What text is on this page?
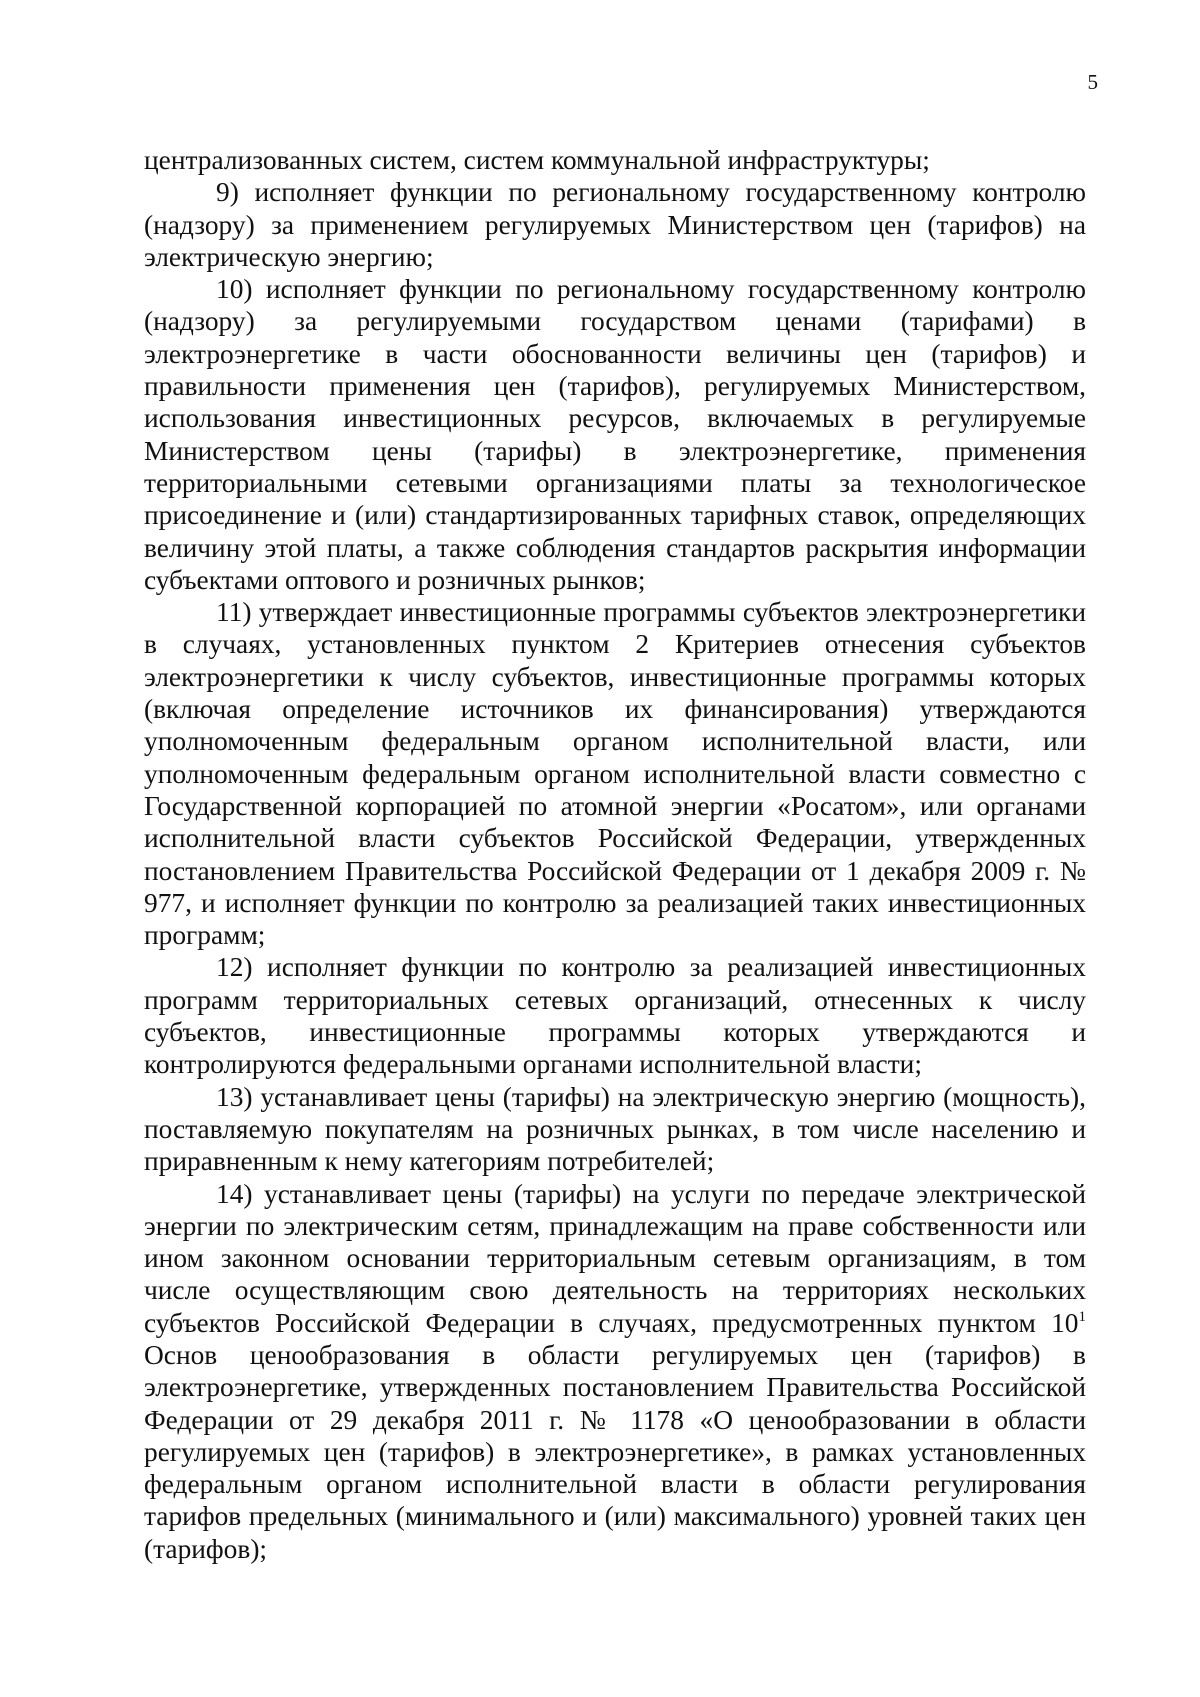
5

централизованных систем, систем коммунальной инфраструктуры;

9) исполняет функции по региональному государственному контролю (надзору) за применением регулируемых Министерством цен (тарифов) на электрическую энергию;

10) исполняет функции по региональному государственному контролю (надзору) за регулируемыми государством ценами (тарифами) в электроэнергетике в части обоснованности величины цен (тарифов) и правильности применения цен (тарифов), регулируемых Министерством, использования инвестиционных ресурсов, включаемых в регулируемые Министерством цены (тарифы) в электроэнергетике, применения территориальными сетевыми организациями платы за технологическое присоединение и (или) стандартизированных тарифных ставок, определяющих величину этой платы, а также соблюдения стандартов раскрытия информации субъектами оптового и розничных рынков;

11) утверждает инвестиционные программы субъектов электроэнергетики в случаях, установленных пунктом 2 Критериев отнесения субъектов электроэнергетики к числу субъектов, инвестиционные программы которых (включая определение источников их финансирования) утверждаются уполномоченным федеральным органом исполнительной власти, или уполномоченным федеральным органом исполнительной власти совместно с Государственной корпорацией по атомной энергии «Росатом», или органами исполнительной власти субъектов Российской Федерации, утвержденных постановлением Правительства Российской Федерации от 1 декабря 2009 г. № 977, и исполняет функции по контролю за реализацией таких инвестиционных программ;

12) исполняет функции по контролю за реализацией инвестиционных программ территориальных сетевых организаций, отнесенных к числу субъектов, инвестиционные программы которых утверждаются и контролируются федеральными органами исполнительной власти;

13) устанавливает цены (тарифы) на электрическую энергию (мощность), поставляемую покупателям на розничных рынках, в том числе населению и приравненным к нему категориям потребителей;

14) устанавливает цены (тарифы) на услуги по передаче электрической энергии по электрическим сетям, принадлежащим на праве собственности или ином законном основании территориальным сетевым организациям, в том числе осуществляющим свою деятельность на территориях нескольких субъектов Российской Федерации в случаях, предусмотренных пунктом $10^1$ Основ ценообразования в области регулируемых цен (тарифов) в электроэнергетике, утвержденных постановлением Правительства Российской Федерации от 29 декабря 2011 г. № 1178 «О ценообразовании в области регулируемых цен (тарифов) в электроэнергетике», в рамках установленных федеральным органом исполнительной власти в области регулирования тарифов предельных (минимального и (или) максимального) уровней таких цен (тарифов);
